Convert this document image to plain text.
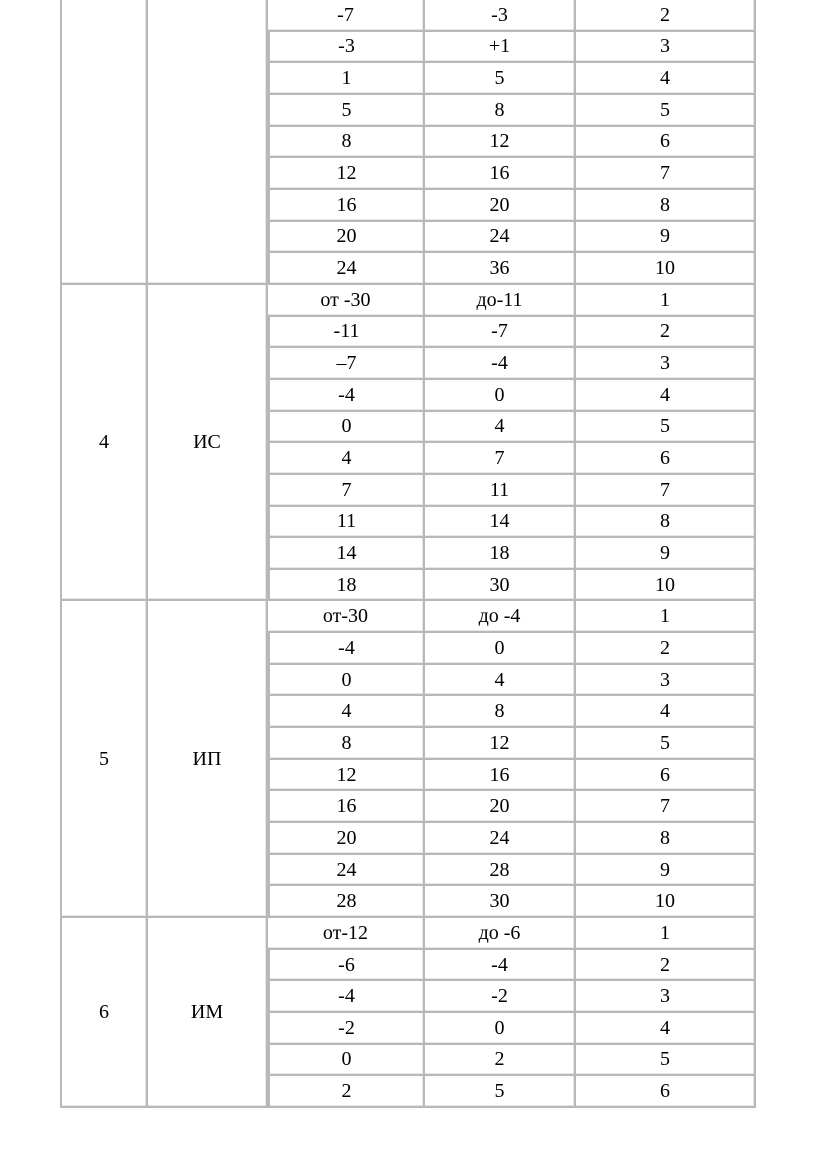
		-7	-3	2
		-3	+1	3
		1	5	4
		5	8	5
		8	12	6
		12	16	7
		16	20	8
		20	24	9
		24	36	10
4	ИС	от -30	до-11	1
		-11	-7	2
		–7	-4	3
		-4	0	4
		0	4	5
		4	7	6
		7	11	7
		11	14	8
		14	18	9
		18	30	10
5	ИП	от-30	до -4	1
		-4	0	2
		0	4	3
		4	8	4
		8	12	5
		12	16	6
		16	20	7
		20	24	8
		24	28	9
		28	30	10
6	ИМ	от-12	до -6	1
		-6	-4	2
		-4	-2	3
		-2	0	4
		0	2	5
		2	5	6
